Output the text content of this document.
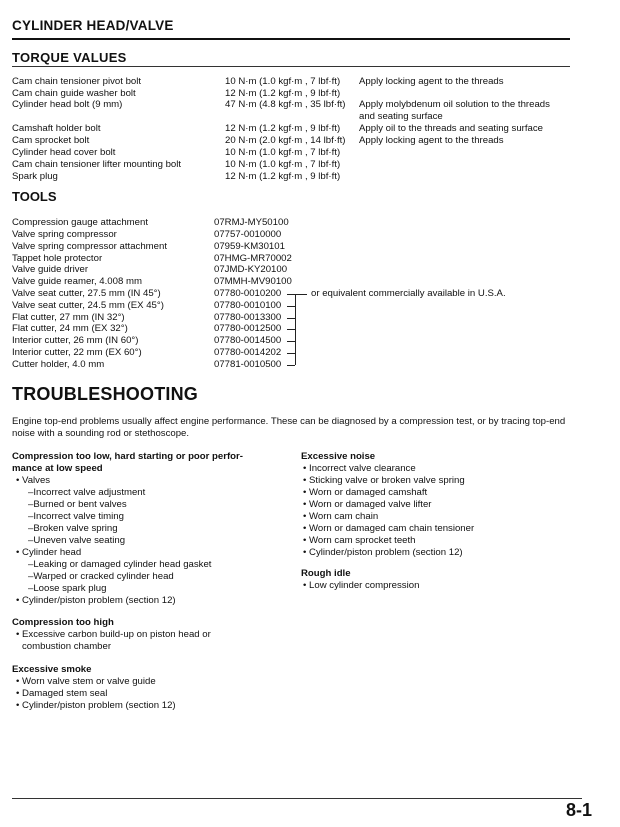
CYLINDER HEAD/VALVE
TORQUE VALUES
Cam chain tensioner pivot bolt	10 N·m (1.0 kgf·m , 7 lbf·ft) Apply locking agent to the threads
Cam chain guide washer bolt	12 N·m (1.2 kgf·m , 9 lbf·ft)
Cylinder head bolt (9 mm)	47 N·m (4.8 kgf·m , 35 lbf·ft) Apply molybdenum oil solution to the threads
and seating surface
Camshaft holder bolt	12 N·m (1.2 kgf·m , 9 lbf·ft) Apply oil to the threads and seating surface
Cam sprocket bolt	20 N·m (2.0 kgf·m , 14 lbf·ft) Apply locking agent to the threads
Cylinder head cover bolt	10 N·m (1.0 kgf·m , 7 lbf·ft)
Cam chain tensioner lifter mounting bolt	10 N·m (1.0 kgf·m , 7 lbf·ft)
Spark plug	12 N·m (1.2 kgf·m , 9 lbf·ft)
TOOLS
Compression gauge attachment	07RMJ-MY50100
Valve spring compressor	07757-0010000
Valve spring compressor attachment	07959-KM30101
Tappet hole protector	07HMG-MR70002
Valve guide driver	07JMD-KY20100
Valve guide reamer, 4.008 mm	07MMH-MV90100
Valve seat cutter, 27.5 mm (IN 45°)	07780-0010200
Valve seat cutter, 24.5 mm (EX 45°)	07780-0010100
Flat cutter, 27 mm (IN 32°)	07780-0013300
Flat cutter, 24 mm (EX 32°)	07780-0012500
Interior cutter, 26 mm (IN 60°)	07780-0014500
Interior cutter, 22 mm (EX 60°)	07780-0014202
Cutter holder, 4.0 mm	07781-0010500
or equivalent commercially available in U.S.A.
TROUBLESHOOTING
Engine top-end problems usually affect engine performance. These can be diagnosed by a compression test, or by tracing top-end noise with a sounding rod or stethoscope.
Compression too low, hard starting or poor perfor-
mance at low speed
• Valves
–Incorrect valve adjustment
–Burned or bent valves
–Incorrect valve timing
–Broken valve spring
–Uneven valve seating
• Cylinder head
–Leaking or damaged cylinder head gasket
–Warped or cracked cylinder head
–Loose spark plug
• Cylinder/piston problem (section 12)
Compression too high
• Excessive carbon build-up on piston head or
combustion chamber
Excessive smoke
• Worn valve stem or valve guide
• Damaged stem seal
• Cylinder/piston problem (section 12)
Excessive noise
• Incorrect valve clearance
• Sticking valve or broken valve spring
• Worn or damaged camshaft
• Worn or damaged valve lifter
• Worn cam chain
• Worn or damaged cam chain tensioner
• Worn cam sprocket teeth
• Cylinder/piston problem (section 12)
Rough idle
• Low cylinder compression
8-1
